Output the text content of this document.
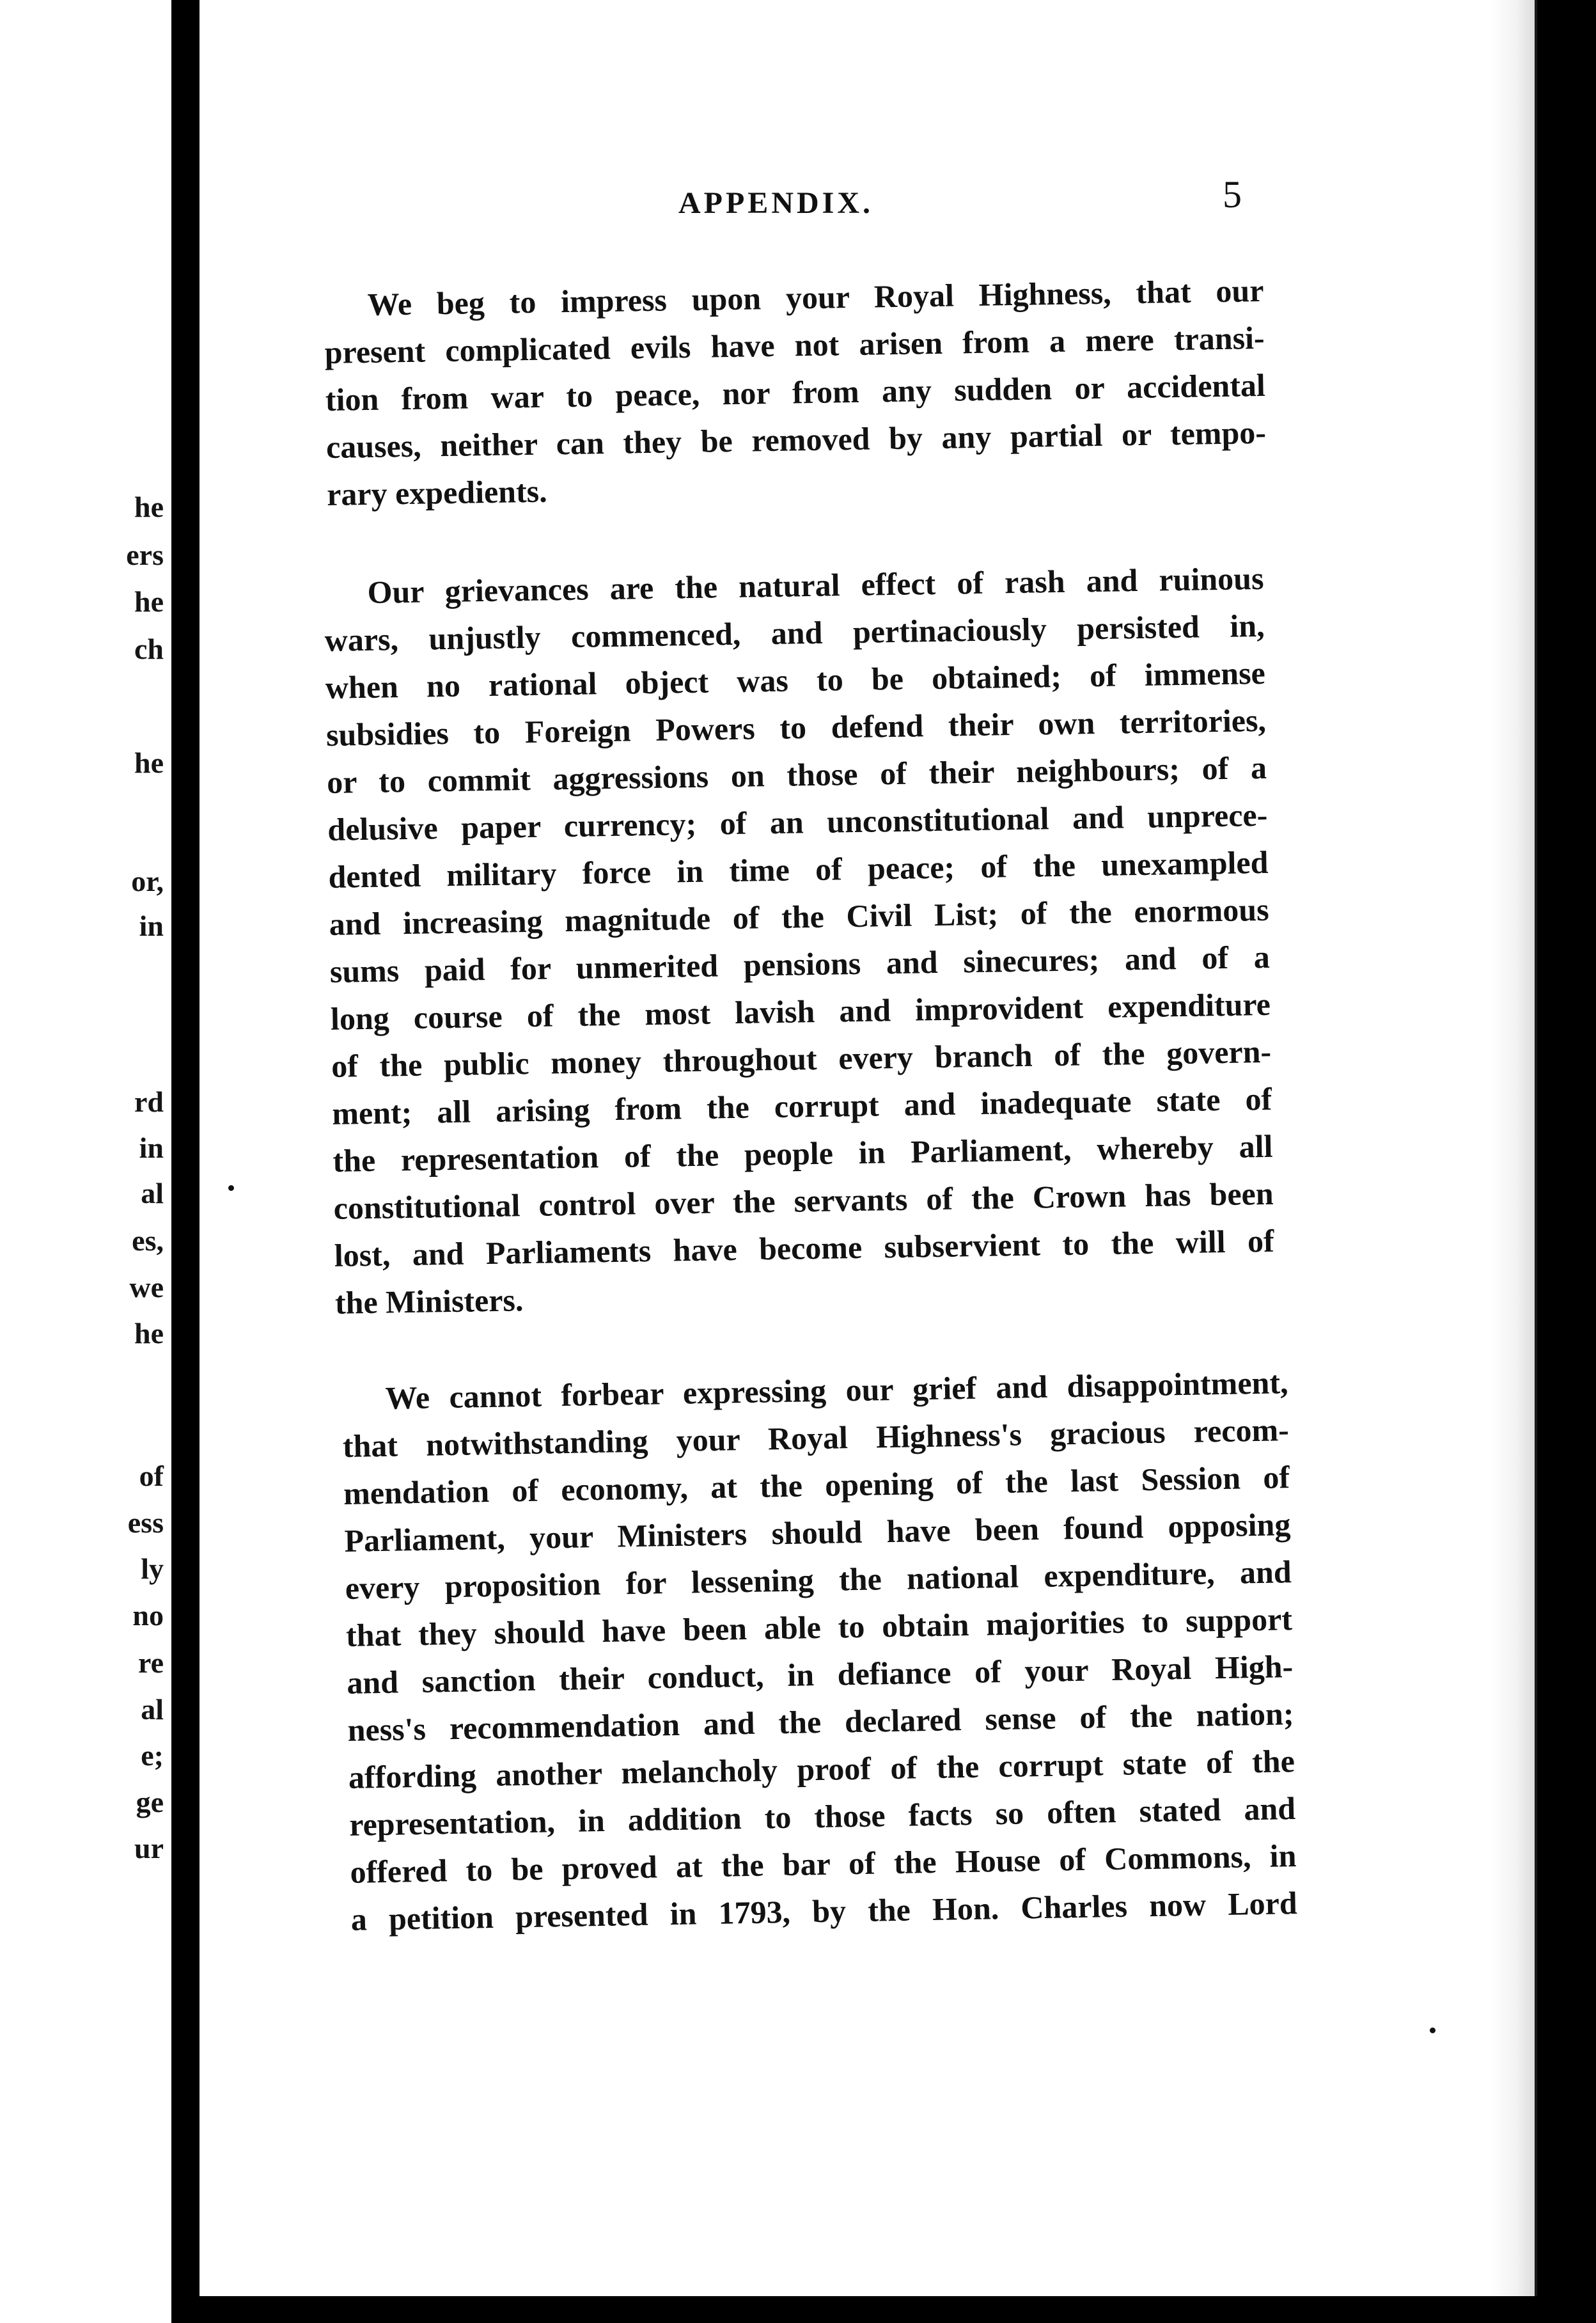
he
ers
he
ch
he
or,
in
rd
in
al
es,
we
he
of
ess
ly
no
re
al
e;
ge
ur
APPENDIX.	5
We beg to impress upon your Royal Highness, that our
present complicated evils have not arisen from a mere transi-
tion from war to peace, nor from any sudden or accidental
causes, neither can they be removed by any partial or tempo-
rary expedients.
Our grievances are the natural effect of rash and ruinous
wars, unjustly commenced, and pertinaciously persisted in,
when no rational object was to be obtained; of immense
subsidies to Foreign Powers to defend their own territories,
or to commit aggressions on those of their neighbours; of a
delusive paper currency; of an unconstitutional and unprece-
dented military force in time of peace; of the unexampled
and increasing magnitude of the Civil List; of the enormous
sums paid for unmerited pensions and sinecures; and of a
long course of the most lavish and improvident expenditure
of the public money throughout every branch of the govern-
ment; all arising from the corrupt and inadequate state of
the representation of the people in Parliament, whereby all
constitutional control over the servants of the Crown has been
lost, and Parliaments have become subservient to the will of
the Ministers.
We cannot forbear expressing our grief and disappointment,
that notwithstanding your Royal Highness's gracious recom-
mendation of economy, at the opening of the last Session of
Parliament, your Ministers should have been found opposing
every proposition for lessening the national expenditure, and
that they should have been able to obtain majorities to support
and sanction their conduct, in defiance of your Royal High-
ness's recommendation and the declared sense of the nation;
affording another melancholy proof of the corrupt state of the
representation, in addition to those facts so often stated and
offered to be proved at the bar of the House of Commons, in
a petition presented in 1793, by the Hon. Charles now Lord
